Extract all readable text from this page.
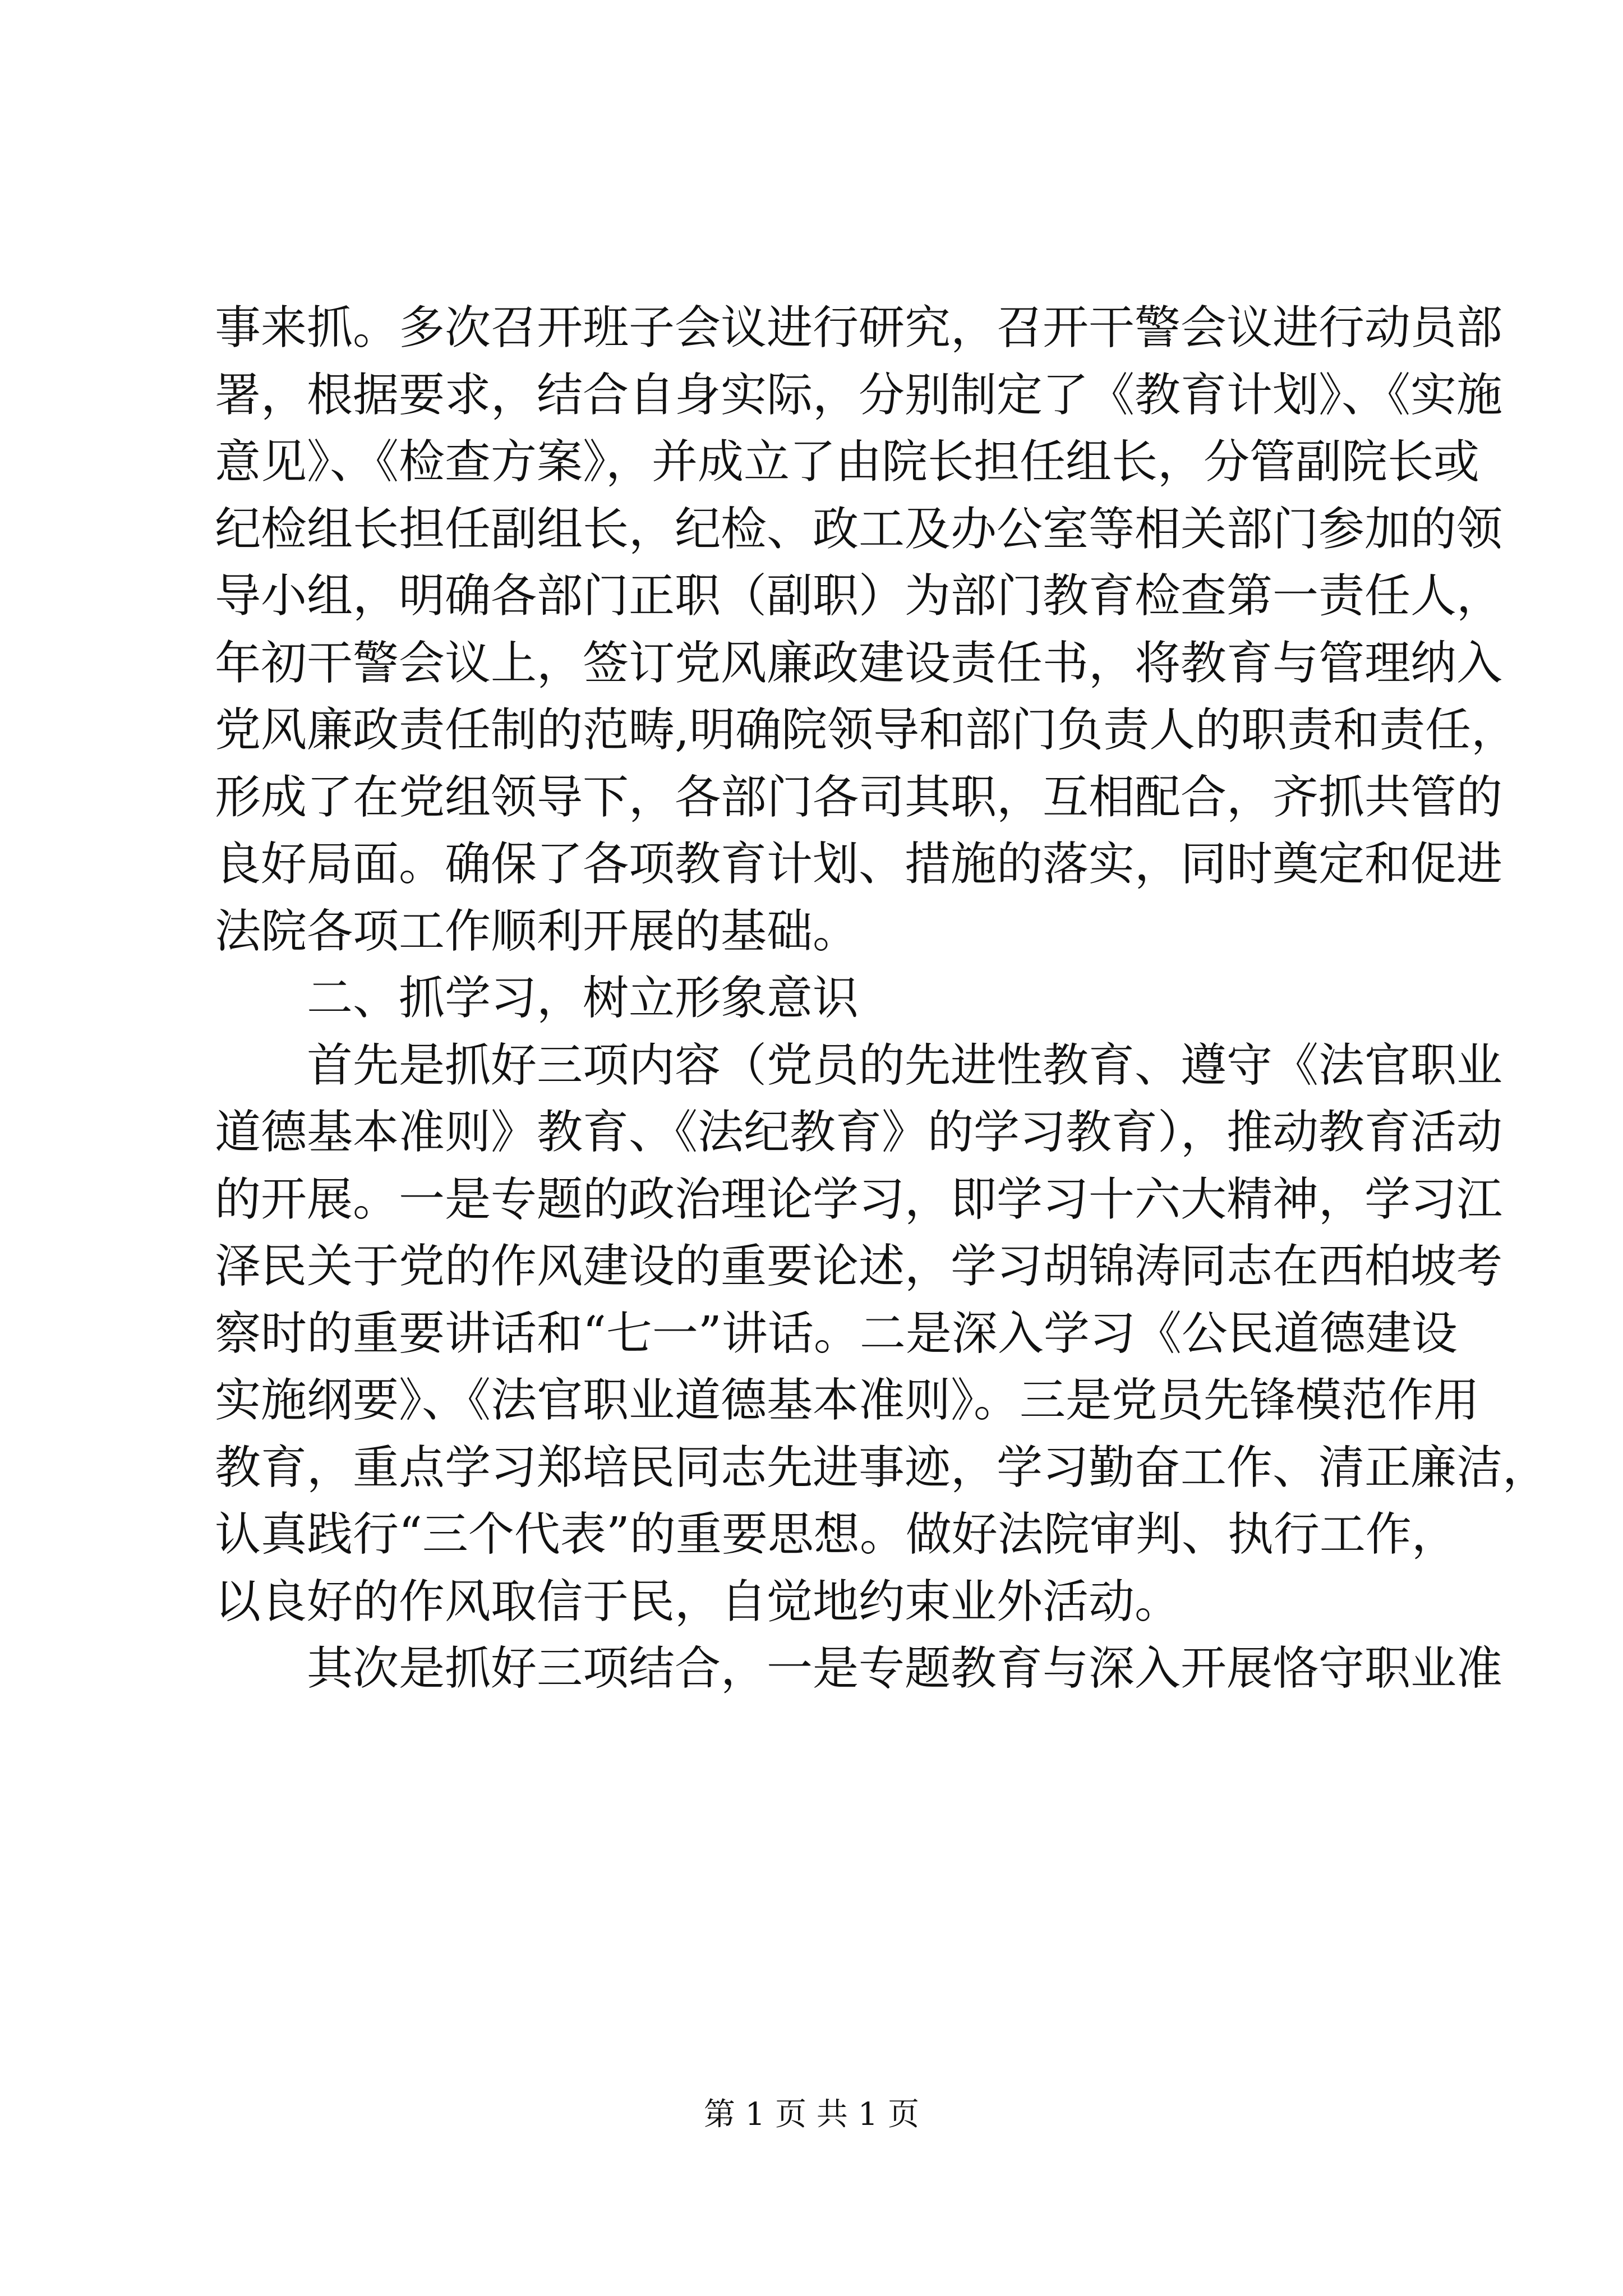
事来抓。多次召开班子会议进行研究，召开干警会议进行动员部
署，根据要求，结合自身实际，分别制定了《教育计划》、《实施
意见》、《检查方案》，并成立了由院长担任组长，分管副院长或
纪检组长担任副组长，纪检、政工及办公室等相关部门参加的领
导小组，明确各部门正职（副职）为部门教育检查第一责任人，
年初干警会议上，签订党风廉政建设责任书，将教育与管理纳入
党风廉政责任制的范畴,明确院领导和部门负责人的职责和责任，
形成了在党组领导下，各部门各司其职，互相配合，齐抓共管的
良好局面。确保了各项教育计划、措施的落实，同时奠定和促进
法院各项工作顺利开展的基础。
二、抓学习，树立形象意识
首先是抓好三项内容（党员的先进性教育、遵守《法官职业
道德基本准则》教育、《法纪教育》的学习教育），推动教育活动
的开展。一是专题的政治理论学习，即学习十六大精神，学习江
泽民关于党的作风建设的重要论述，学习胡锦涛同志在西柏坡考
察时的重要讲话和“七一”讲话。二是深入学习《公民道德建设
实施纲要》、《法官职业道德基本准则》。三是党员先锋模范作用
教育，重点学习郑培民同志先进事迹，学习勤奋工作、清正廉洁，
认真践行“三个代表”的重要思想。做好法院审判、执行工作，
以良好的作风取信于民，自觉地约束业外活动。
其次是抓好三项结合，一是专题教育与深入开展恪守职业准
第 1 页 共 1 页
